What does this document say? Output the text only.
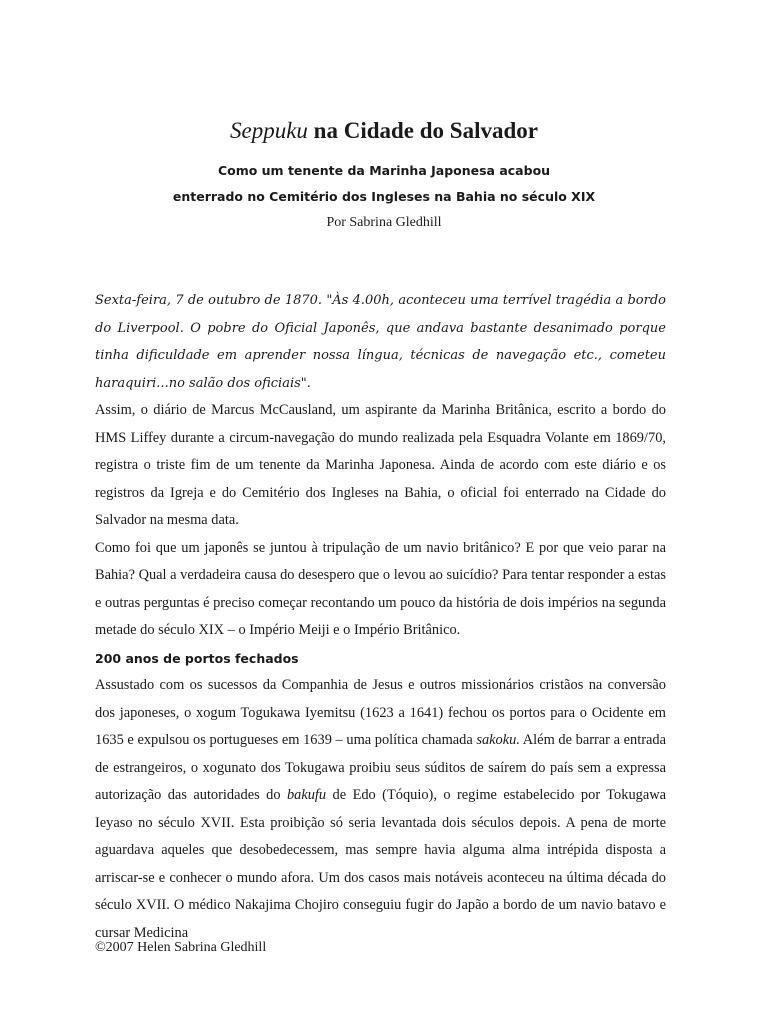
Seppuku na Cidade do Salvador
Como um tenente da Marinha Japonesa acabou
enterrado no Cemitério dos Ingleses na Bahia no século XIX
Por Sabrina Gledhill

Sexta-feira, 7 de outubro de 1870. "Às 4.00h, aconteceu uma terrível tragédia a bordo do Liverpool. O pobre do Oficial Japonês, que andava bastante desanimado porque tinha dificuldade em aprender nossa língua, técnicas de navegação etc., cometeu haraquiri...no salão dos oficiais".

Assim, o diário de Marcus McCausland, um aspirante da Marinha Britânica, escrito a bordo do HMS Liffey durante a circum-navegação do mundo realizada pela Esquadra Volante em 1869/70, registra o triste fim de um tenente da Marinha Japonesa. Ainda de acordo com este diário e os registros da Igreja e do Cemitério dos Ingleses na Bahia, o oficial foi enterrado na Cidade do Salvador na mesma data.

Como foi que um japonês se juntou à tripulação de um navio britânico? E por que veio parar na Bahia? Qual a verdadeira causa do desespero que o levou ao suicídio? Para tentar responder a estas e outras perguntas é preciso começar recontando um pouco da história de dois impérios na segunda metade do século XIX – o Império Meiji e o Império Britânico.

200 anos de portos fechados

Assustado com os sucessos da Companhia de Jesus e outros missionários cristãos na conversão dos japoneses, o xogum Togukawa Iyemitsu (1623 a 1641) fechou os portos para o Ocidente em 1635 e expulsou os portugueses em 1639 – uma política chamada sakoku. Além de barrar a entrada de estrangeiros, o xogunato dos Tokugawa proibiu seus súditos de saírem do país sem a expressa autorização das autoridades do bakufu de Edo (Tóquio), o regime estabelecido por Tokugawa Ieyaso no século XVII. Esta proibição só seria levantada dois séculos depois. A pena de morte aguardava aqueles que desobedecessem, mas sempre havia alguma alma intrépida disposta a arriscar-se e conhecer o mundo afora. Um dos casos mais notáveis aconteceu na última década do século XVII. O médico Nakajima Chojiro conseguiu fugir do Japão a bordo de um navio batavo e cursar Medicina

©2007 Helen Sabrina Gledhill
